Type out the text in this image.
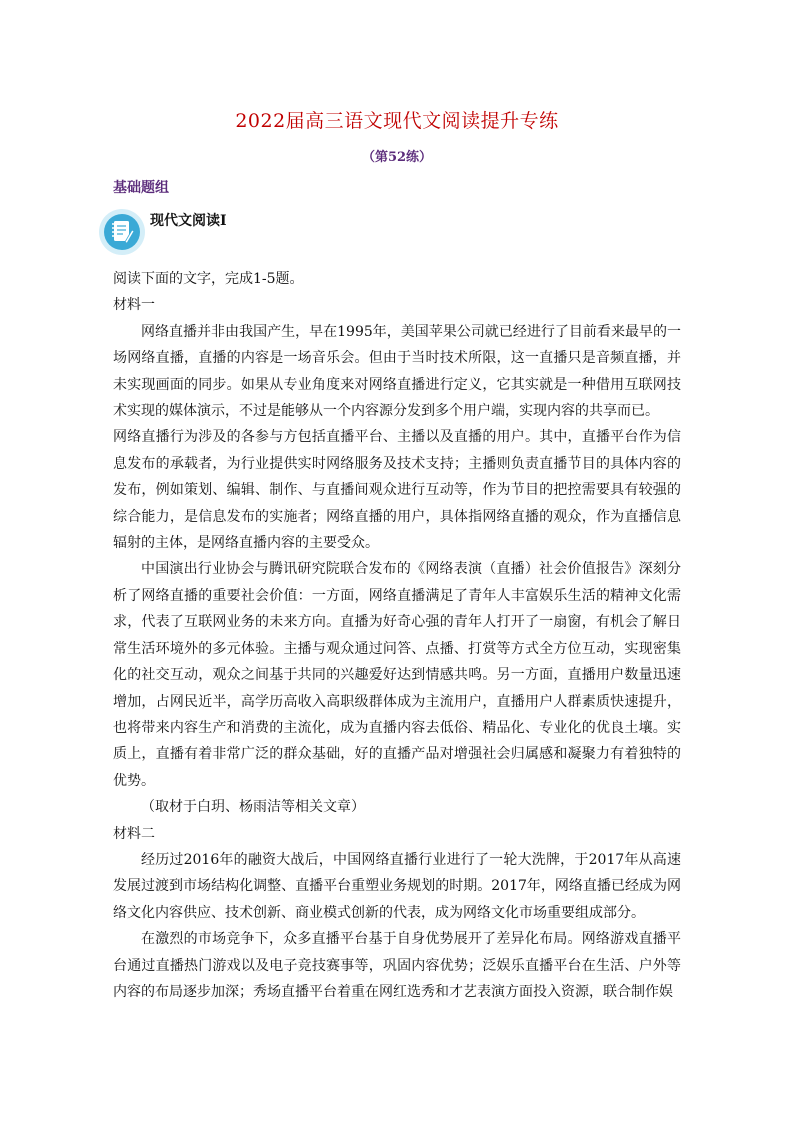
2022届高三语文现代文阅读提升专练
（第52练）
基础题组
现代文阅读Ⅰ

阅读下面的文字，完成1-5题。

材料一

网络直播并非由我国产生，早在1995年，美国苹果公司就已经进行了目前看来最早的一场网络直播，直播的内容是一场音乐会。但由于当时技术所限，这一直播只是音频直播，并未实现画面的同步。如果从专业角度来对网络直播进行定义，它其实就是一种借用互联网技术实现的媒体演示，不过是能够从一个内容源分发到多个用户端，实现内容的共享而已。

网络直播行为涉及的各参与方包括直播平台、主播以及直播的用户。其中，直播平台作为信息发布的承载者，为行业提供实时网络服务及技术支持；主播则负责直播节目的具体内容的发布，例如策划、编辑、制作、与直播间观众进行互动等，作为节目的把控需要具有较强的综合能力，是信息发布的实施者；网络直播的用户，具体指网络直播的观众，作为直播信息辐射的主体，是网络直播内容的主要受众。

中国演出行业协会与腾讯研究院联合发布的《网络表演（直播）社会价值报告》深刻分析了网络直播的重要社会价值：一方面，网络直播满足了青年人丰富娱乐生活的精神文化需求，代表了互联网业务的未来方向。直播为好奇心强的青年人打开了一扇窗，有机会了解日常生活环境外的多元体验。主播与观众通过问答、点播、打赏等方式全方位互动，实现密集化的社交互动，观众之间基于共同的兴趣爱好达到情感共鸣。另一方面，直播用户数量迅速增加，占网民近半，高学历高收入高职级群体成为主流用户，直播用户人群素质快速提升，也将带来内容生产和消费的主流化，成为直播内容去低俗、精品化、专业化的优良土壤。实质上，直播有着非常广泛的群众基础，好的直播产品对增强社会归属感和凝聚力有着独特的优势。

（取材于白玥、杨雨洁等相关文章）

材料二

经历过2016年的融资大战后，中国网络直播行业进行了一轮大洗牌，于2017年从高速发展过渡到市场结构化调整、直播平台重塑业务规划的时期。2017年，网络直播已经成为网络文化内容供应、技术创新、商业模式创新的代表，成为网络文化市场重要组成部分。

在激烈的市场竞争下，众多直播平台基于自身优势展开了差异化布局。网络游戏直播平台通过直播热门游戏以及电子竞技赛事等，巩固内容优势；泛娱乐直播平台在生活、户外等内容的布局逐步加深；秀场直播平台着重在网红选秀和才艺表演方面投入资源，联合制作娱
